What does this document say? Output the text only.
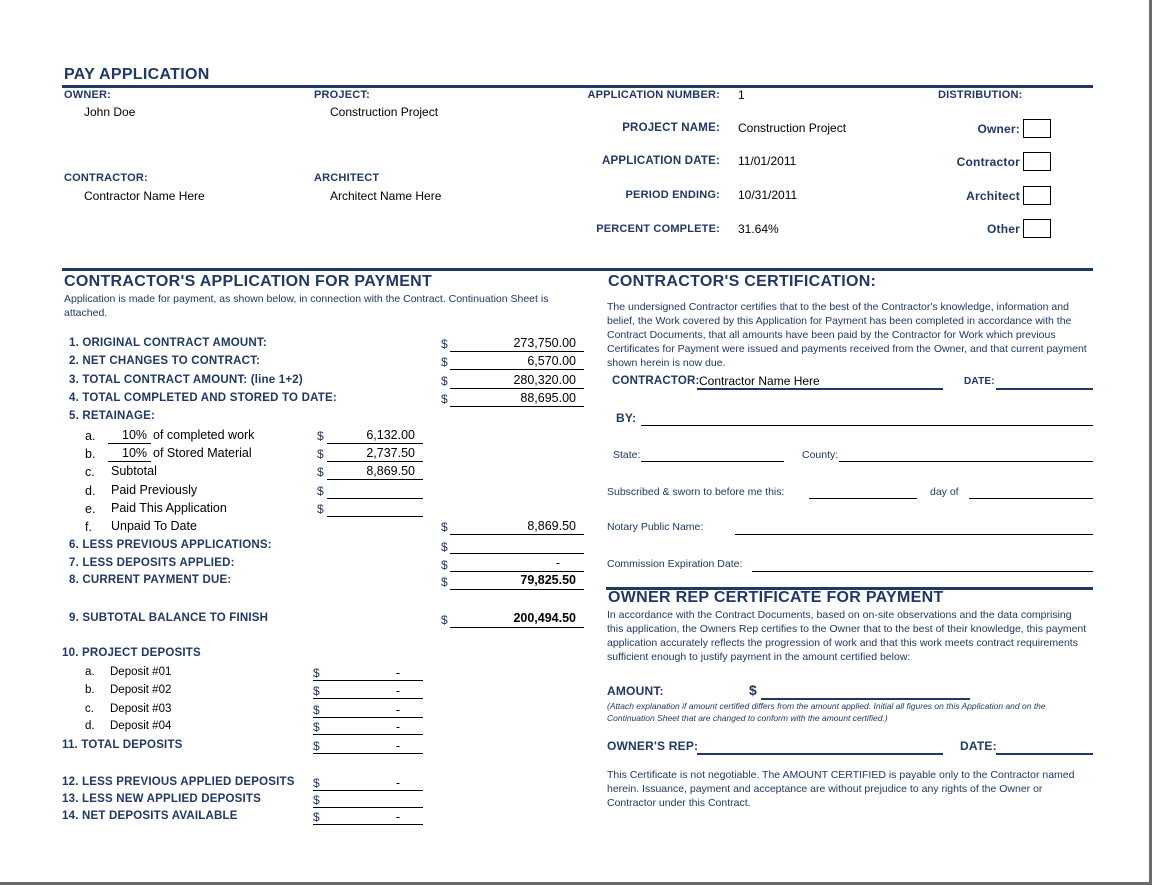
PAY APPLICATION
OWNER:
John Doe
PROJECT:
Construction Project
CONTRACTOR:
Contractor Name Here
ARCHITECT
Architect Name Here
APPLICATION NUMBER: 1
PROJECT NAME: Construction Project
APPLICATION DATE: 11/01/2011
PERIOD ENDING: 10/31/2011
PERCENT COMPLETE: 31.64%
DISTRIBUTION:
Owner:
Contractor
Architect
Other
CONTRACTOR'S APPLICATION FOR PAYMENT
Application is made for payment, as shown below, in connection with the Contract. Continuation Sheet is attached.
1. ORIGINAL CONTRACT AMOUNT:	$	273,750.00
2. NET CHANGES TO CONTRACT:	$	6,570.00
3. TOTAL CONTRACT AMOUNT: (line 1+2)	$	280,320.00
4. TOTAL COMPLETED AND STORED TO DATE:	$	88,695.00
5. RETAINAGE:
a. 10% of completed work	$	6,132.00
b. 10% of Stored Material	$	2,737.50
c. Subtotal	$	8,869.50
d. Paid Previously	$
e. Paid This Application	$
f. Unpaid To Date	$	8,869.50
6. LESS PREVIOUS APPLICATIONS:	$
7. LESS DEPOSITS APPLIED:	$	-
8. CURRENT PAYMENT DUE:	$	79,825.50
9. SUBTOTAL BALANCE TO FINISH	$	200,494.50
10. PROJECT DEPOSITS
a. Deposit #01	$	-
b. Deposit #02	$	-
c. Deposit #03	$	-
d. Deposit #04	$	-
11. TOTAL DEPOSITS	$	-
12. LESS PREVIOUS APPLIED DEPOSITS $	-
13. LESS NEW APPLIED DEPOSITS	$
14. NET DEPOSITS AVAILABLE	$	-
CONTRACTOR'S CERTIFICATION:
The undersigned Contractor certifies that to the best of the Contractor's knowledge, information and belief, the Work covered by this Application for Payment has been completed in accordance with the Contract Documents, that all amounts have been paid by the Contractor for Work which previous Certificates for Payment were issued and payments received from the Owner, and that current payment shown herein is now due.
CONTRACTOR: Contractor Name Here	DATE:
BY:
State:	County:
Subscribed & sworn to before me this:	day of
Notary Public Name:
Commission Expiration Date:
OWNER REP CERTIFICATE FOR PAYMENT
In accordance with the Contract Documents, based on on-site observations and the data comprising this application, the Owners Rep certifies to the Owner that to the best of their knowledge, this payment application accurately reflects the progression of work and that this work meets contract requirements sufficient enough to justify payment in the amount certified below:
AMOUNT:	$
(Attach explanation if amount certified differs from the amount applied. Initial all figures on this Application and on the Continuation Sheet that are changed to conform with the amount certified.)
OWNER'S REP:	DATE:
This Certificate is not negotiable. The AMOUNT CERTIFIED is payable only to the Contractor named herein. Issuance, payment and acceptance are without prejudice to any rights of the Owner or Contractor under this Contract.
